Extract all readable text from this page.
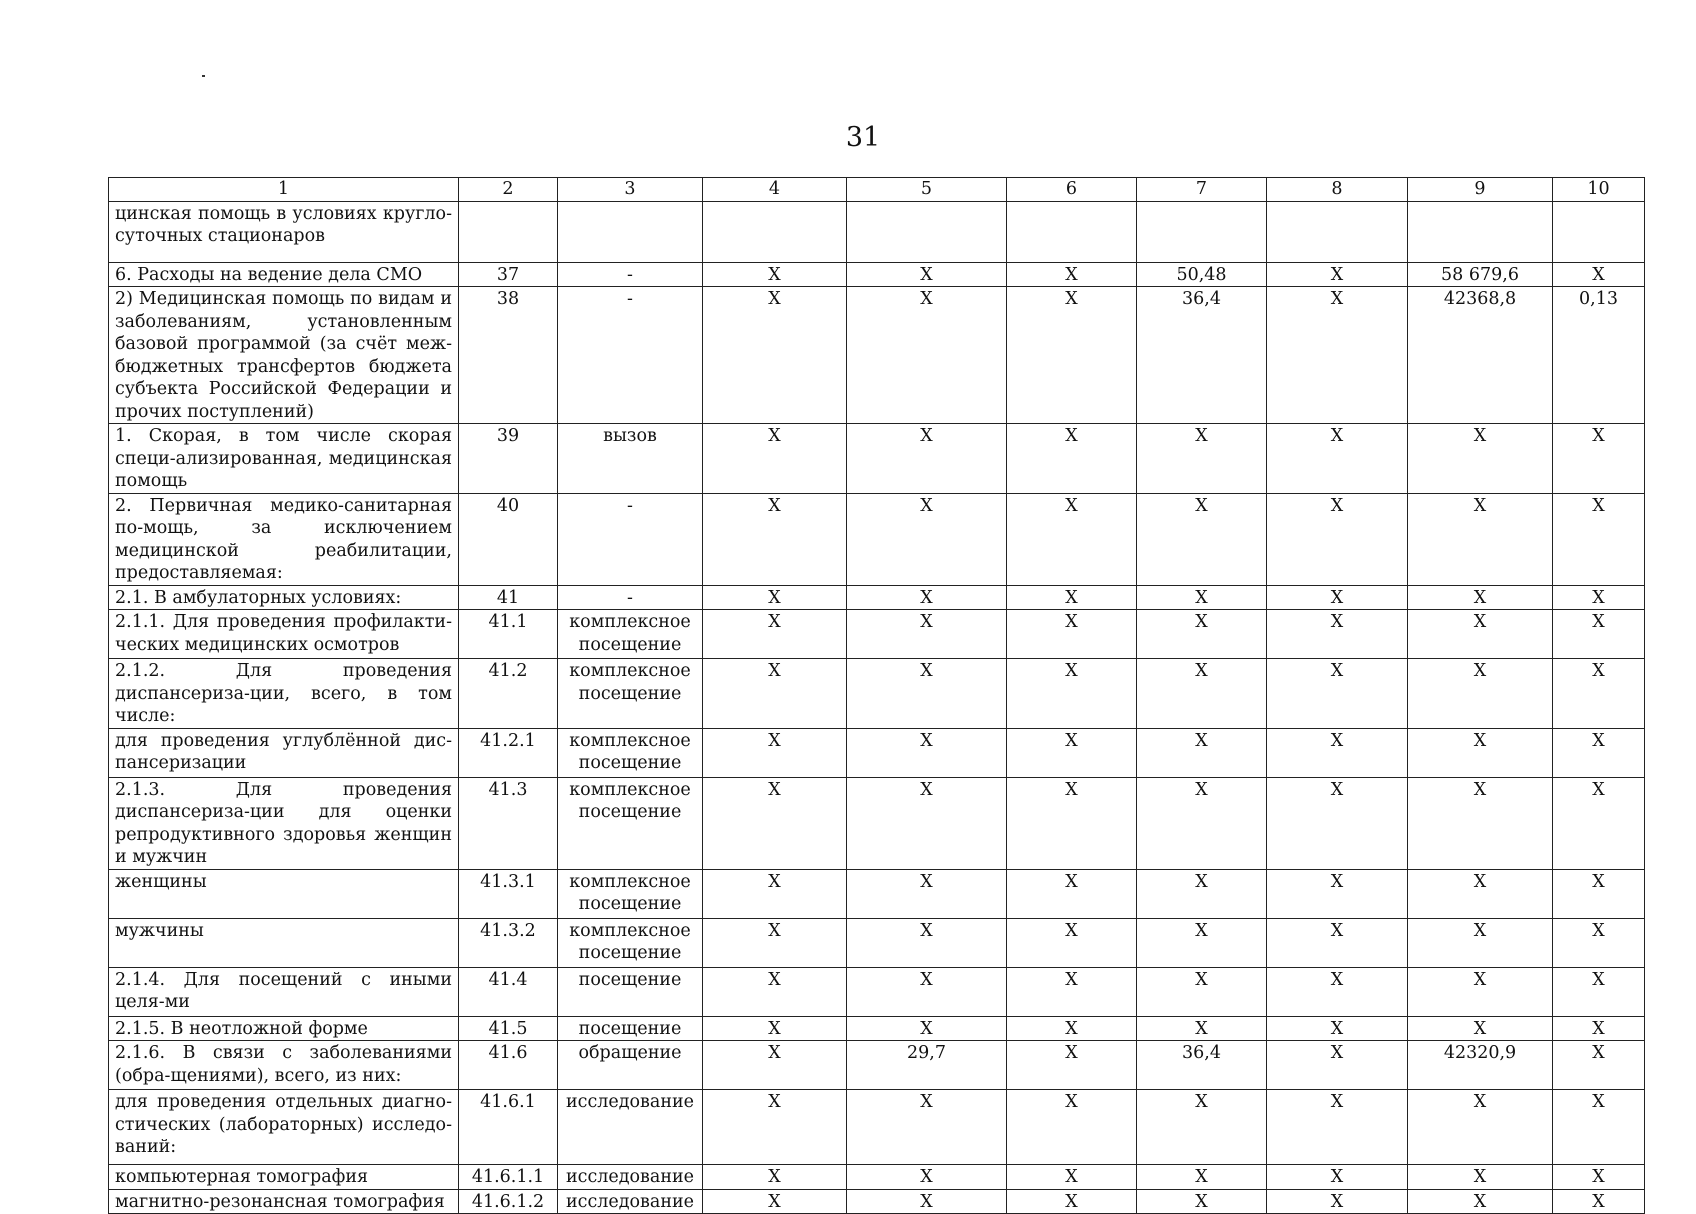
31
1	2	3	4	5	6	7	8	9	10
цинская помощь в условиях кругло-суточных стационаров									
6. Расходы на ведение дела СМО	37	-	X	X	X	50,48	X	58 679,6	X
2) Медицинская помощь по видам и заболеваниям, установленным базовой программой (за счёт меж-бюджетных трансфертов бюджета субъекта Российской Федерации и прочих поступлений)	38	-	X	X	X	36,4	X	42368,8	0,13
1. Скорая, в том числе скорая специ-ализированная, медицинская помощь	39	вызов	X	X	X	X	X	X	X
2. Первичная медико-санитарная по-мощь, за исключением медицинской реабилитации, предоставляемая:	40	-	X	X	X	X	X	X	X
2.1. В амбулаторных условиях:	41	-	X	X	X	X	X	X	X
2.1.1. Для проведения профилакти-ческих медицинских осмотров	41.1	комплексное посещение	X	X	X	X	X	X	X
2.1.2. Для проведения диспансериза-ции, всего, в том числе:	41.2	комплексное посещение	X	X	X	X	X	X	X
для проведения углублённой дис-пансеризации	41.2.1	комплексное посещение	X	X	X	X	X	X	X
2.1.3. Для проведения диспансериза-ции для оценки репродуктивного здоровья женщин и мужчин	41.3	комплексное посещение	X	X	X	X	X	X	X
женщины	41.3.1	комплексное посещение	X	X	X	X	X	X	X
мужчины	41.3.2	комплексное посещение	X	X	X	X	X	X	X
2.1.4. Для посещений с иными целя-ми	41.4	посещение	X	X	X	X	X	X	X
2.1.5. В неотложной форме	41.5	посещение	X	X	X	X	X	X	X
2.1.6. В связи с заболеваниями (обра-щениями), всего, из них:	41.6	обращение	X	29,7	X	36,4	X	42320,9	X
для проведения отдельных диагно-стических (лабораторных) исследо-ваний:	41.6.1	исследование	X	X	X	X	X	X	X
компьютерная томография	41.6.1.1	исследование	X	X	X	X	X	X	X
магнитно-резонансная томография	41.6.1.2	исследование	X	X	X	X	X	X	X
